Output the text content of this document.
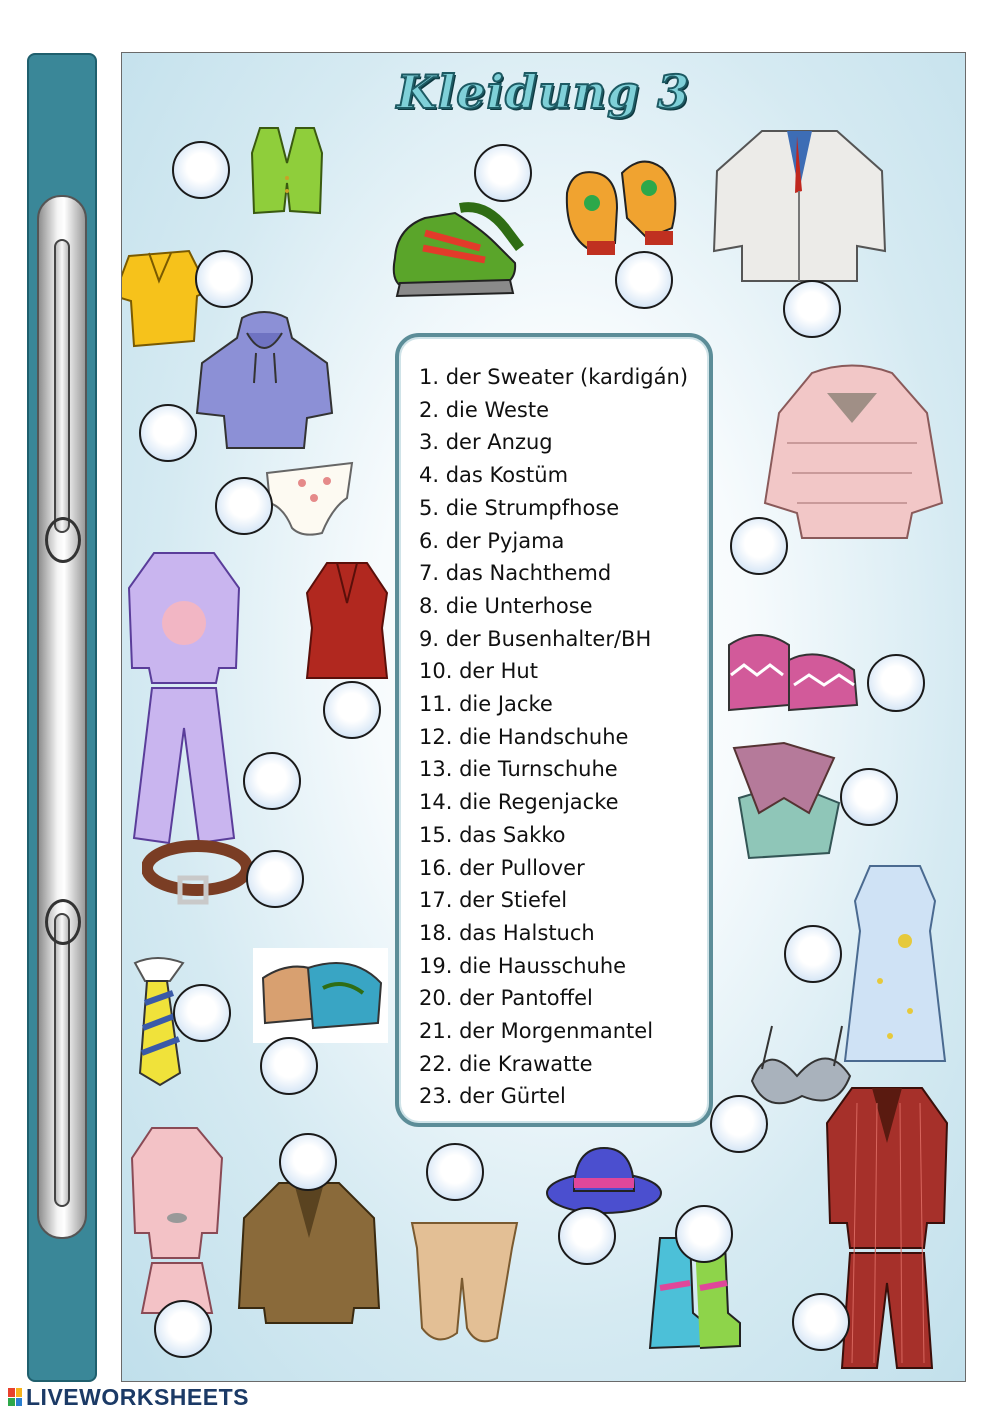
Kleidung 3
1. der Sweater (kardigán)
2. die Weste
3. der Anzug
4. das Kostüm
5. die Strumpfhose
6. der Pyjama
7. das Nachthemd
8. die Unterhose
9. der Busenhalter/BH
10. der Hut
11. die Jacke
12. die Handschuhe
13. die Turnschuhe
14. die Regenjacke
15. das Sakko
16. der Pullover
17. der Stiefel
18. das Halstuch
19. die Hausschuhe
20. der Pantoffel
21. der Morgenmantel
22. die Krawatte
23. der Gürtel
LIVEWORKSHEETS
